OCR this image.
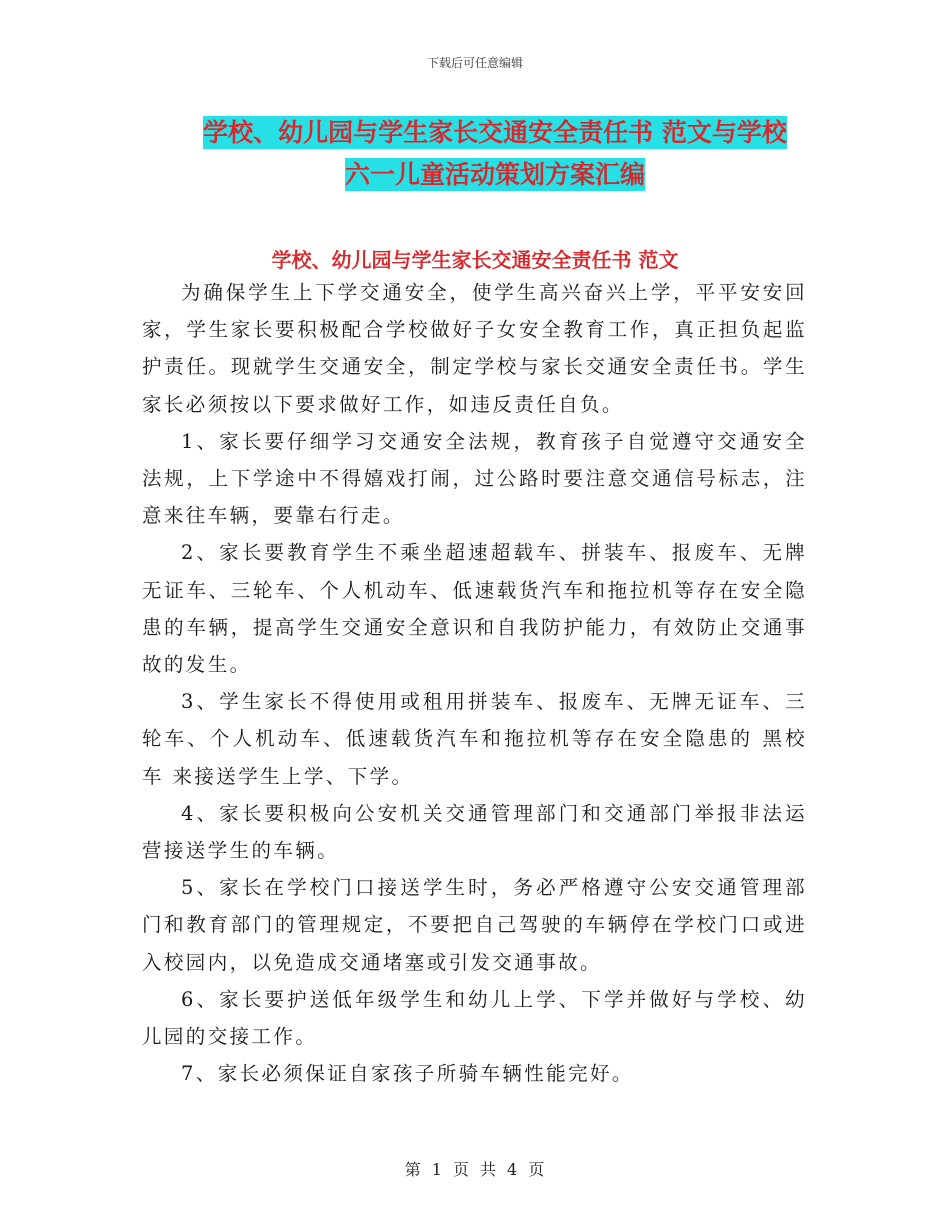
下载后可任意编辑
学校、幼儿园与学生家长交通安全责任书 范文与学校
六一儿童活动策划方案汇编
学校、幼儿园与学生家长交通安全责任书 范文

为确保学生上下学交通安全，使学生高兴奋兴上学，平平安安回家，学生家长要积极配合学校做好子女安全教育工作，真正担负起监护责任。现就学生交通安全，制定学校与家长交通安全责任书。学生家长必须按以下要求做好工作，如违反责任自负。

1、家长要仔细学习交通安全法规，教育孩子自觉遵守交通安全法规，上下学途中不得嬉戏打闹，过公路时要注意交通信号标志，注意来往车辆，要靠右行走。

2、家长要教育学生不乘坐超速超载车、拼装车、报废车、无牌无证车、三轮车、个人机动车、低速载货汽车和拖拉机等存在安全隐患的车辆，提高学生交通安全意识和自我防护能力，有效防止交通事故的发生。

3、学生家长不得使用或租用拼装车、报废车、无牌无证车、三轮车、个人机动车、低速载货汽车和拖拉机等存在安全隐患的 黑校车 来接送学生上学、下学。

4、家长要积极向公安机关交通管理部门和交通部门举报非法运营接送学生的车辆。

5、家长在学校门口接送学生时，务必严格遵守公安交通管理部门和教育部门的管理规定，不要把自己驾驶的车辆停在学校门口或进入校园内，以免造成交通堵塞或引发交通事故。

6、家长要护送低年级学生和幼儿上学、下学并做好与学校、幼儿园的交接工作。

7、家长必须保证自家孩子所骑车辆性能完好。

第 1 页 共 4 页
